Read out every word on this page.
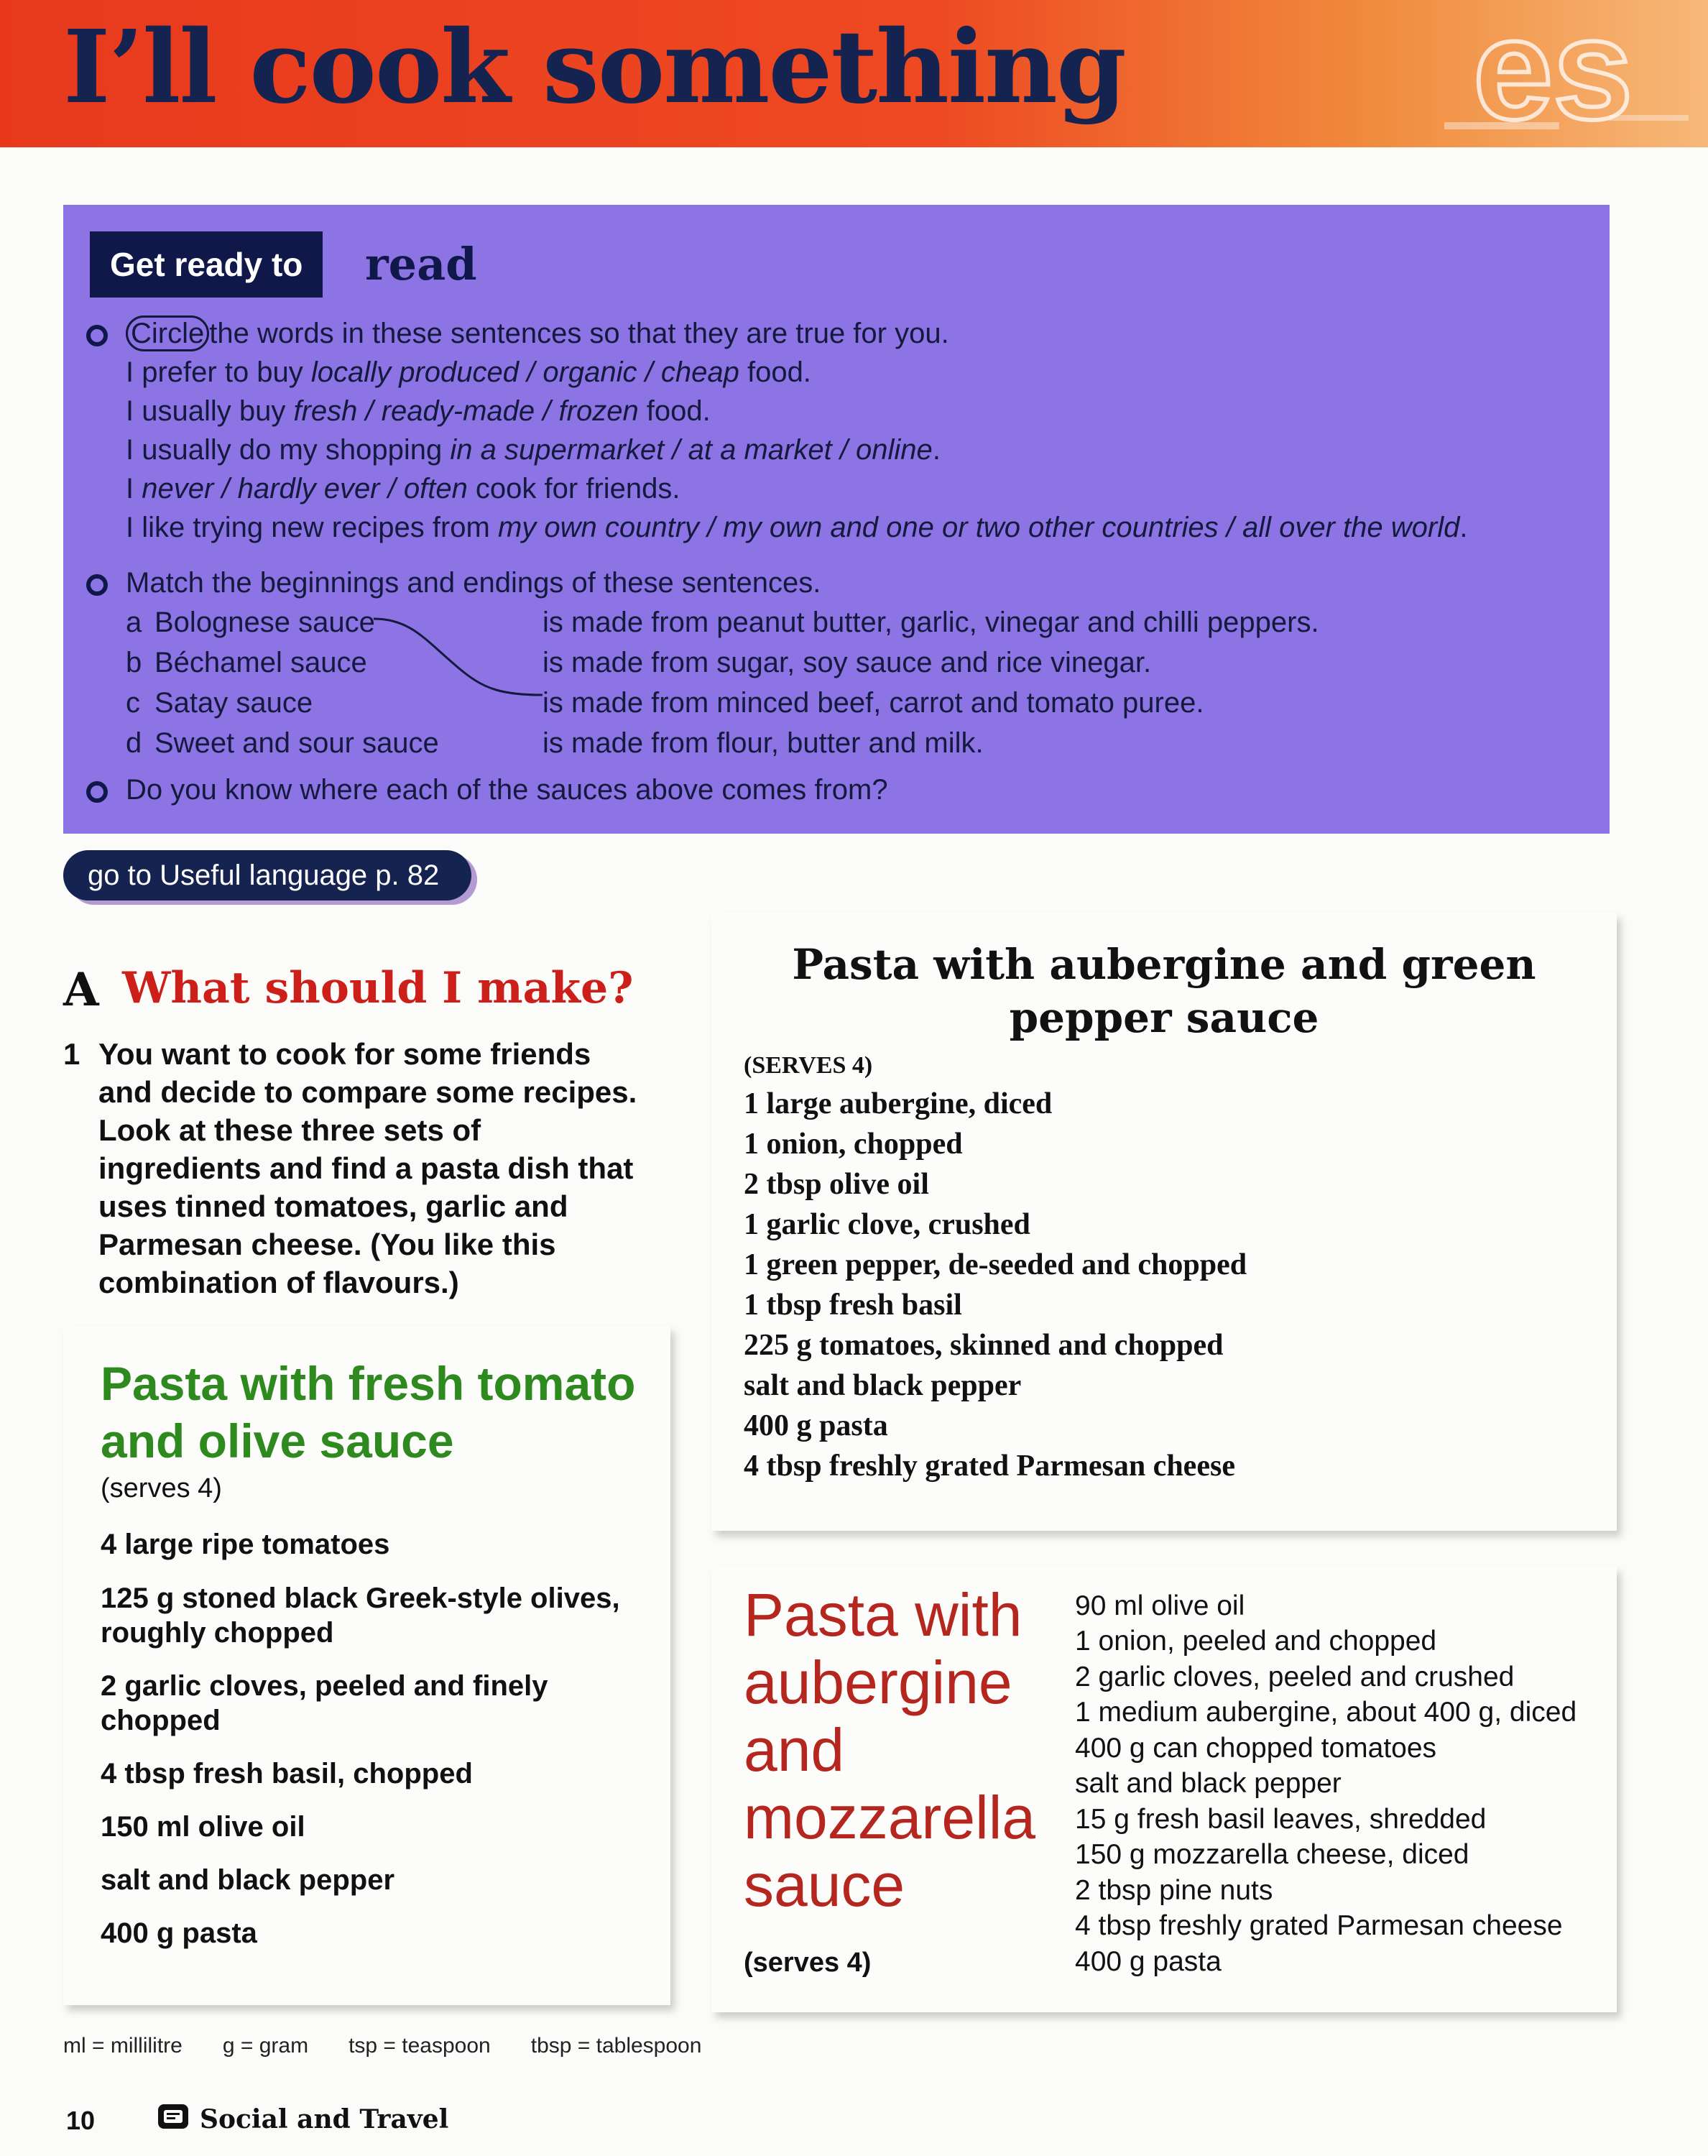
I’ll cook something es
Get ready to	read
Circle the words in these sentences so that they are true for you.
I prefer to buy locally produced / organic / cheap food.
I usually buy fresh / ready-made / frozen food.
I usually do my shopping in a supermarket / at a market / online.
I never / hardly ever / often cook for friends.
I like trying new recipes from my own country / my own and one or two other countries / all over the world.
Match the beginnings and endings of these sentences.
a Bolognese sauce
b Béchamel sauce
c Satay sauce
d Sweet and sour sauce
is made from peanut butter, garlic, vinegar and chilli peppers.
is made from sugar, soy sauce and rice vinegar.
is made from minced beef, carrot and tomato puree.
is made from flour, butter and milk.
Do you know where each of the sauces above comes from?
go to Useful language p. 82
A What should I make?
1 You want to cook for some friends and decide to compare some recipes. Look at these three sets of ingredients and find a pasta dish that uses tinned tomatoes, garlic and Parmesan cheese. (You like this combination of flavours.)
Pasta with fresh tomato and olive sauce
(serves 4)
4 large ripe tomatoes
125 g stoned black Greek-style olives, roughly chopped
2 garlic cloves, peeled and finely chopped
4 tbsp fresh basil, chopped
150 ml olive oil
salt and black pepper
400 g pasta
Pasta with aubergine and green pepper sauce
(SERVES 4)
1 large aubergine, diced
1 onion, chopped
2 tbsp olive oil
1 garlic clove, crushed
1 green pepper, de-seeded and chopped
1 tbsp fresh basil
225 g tomatoes, skinned and chopped
salt and black pepper
400 g pasta
4 tbsp freshly grated Parmesan cheese
Pasta with aubergine and mozzarella sauce
(serves 4)
90 ml olive oil
1 onion, peeled and chopped
2 garlic cloves, peeled and crushed
1 medium aubergine, about 400 g, diced
400 g can chopped tomatoes
salt and black pepper
15 g fresh basil leaves, shredded
150 g mozzarella cheese, diced
2 tbsp pine nuts
4 tbsp freshly grated Parmesan cheese
400 g pasta
ml = millilitre g = gram tsp = teaspoon tbsp = tablespoon
10	Social and Travel
